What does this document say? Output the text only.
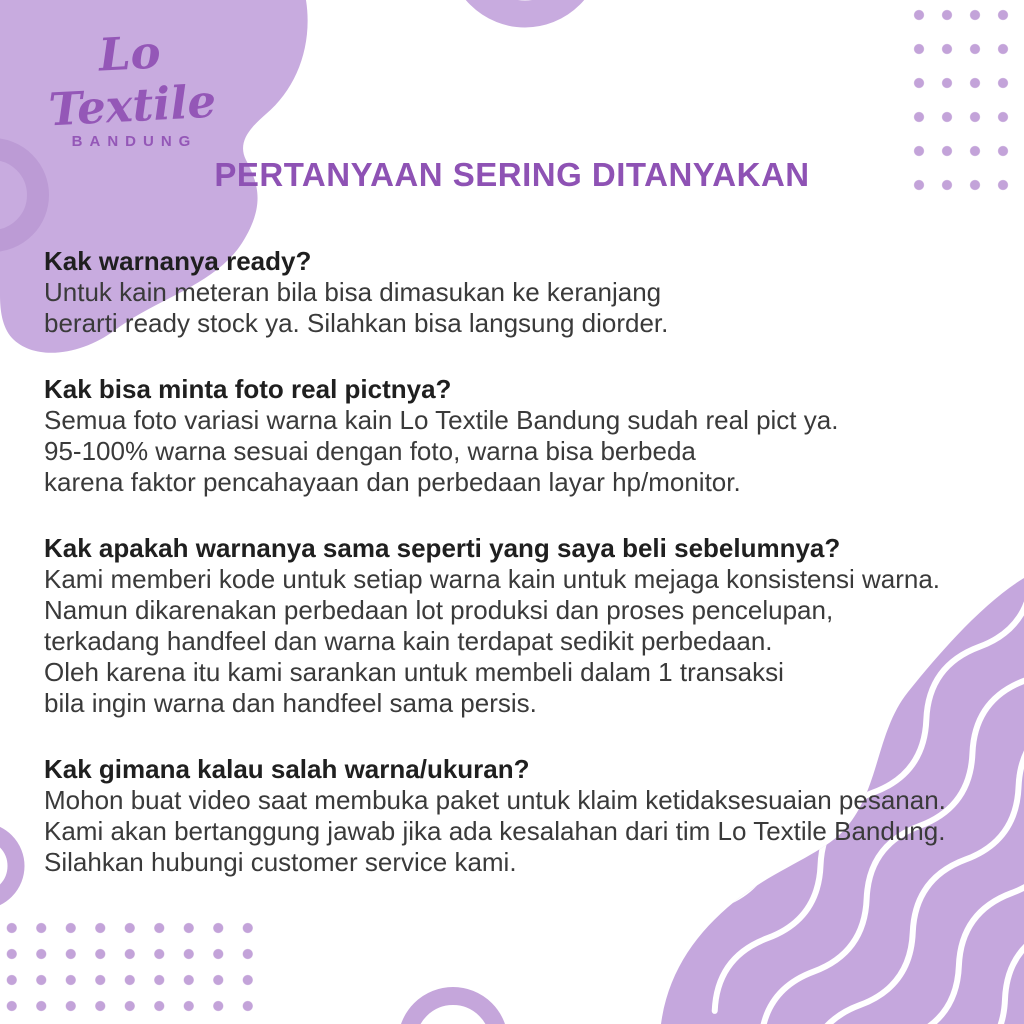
Lo Textile
BANDUNG
PERTANYAAN SERING DITANYAKAN
Kak warnanya ready?

Untuk kain meteran bila bisa dimasukan ke keranjang

berarti ready stock ya. Silahkan bisa langsung diorder.

Kak bisa minta foto real pictnya?

Semua foto variasi warna kain Lo Textile Bandung sudah real pict ya.

95-100% warna sesuai dengan foto, warna bisa berbeda

karena faktor pencahayaan dan perbedaan layar hp/monitor.

Kak apakah warnanya sama seperti yang saya beli sebelumnya?

Kami memberi kode untuk setiap warna kain untuk mejaga konsistensi warna.

Namun dikarenakan perbedaan lot produksi dan proses pencelupan,

terkadang handfeel dan warna kain terdapat sedikit perbedaan.

Oleh karena itu kami sarankan untuk membeli dalam 1 transaksi

bila ingin warna dan handfeel sama persis.

Kak gimana kalau salah warna/ukuran?

Mohon buat video saat membuka paket untuk klaim ketidaksesuaian pesanan.

Kami akan bertanggung jawab jika ada kesalahan dari tim Lo Textile Bandung.

Silahkan hubungi customer service kami.
